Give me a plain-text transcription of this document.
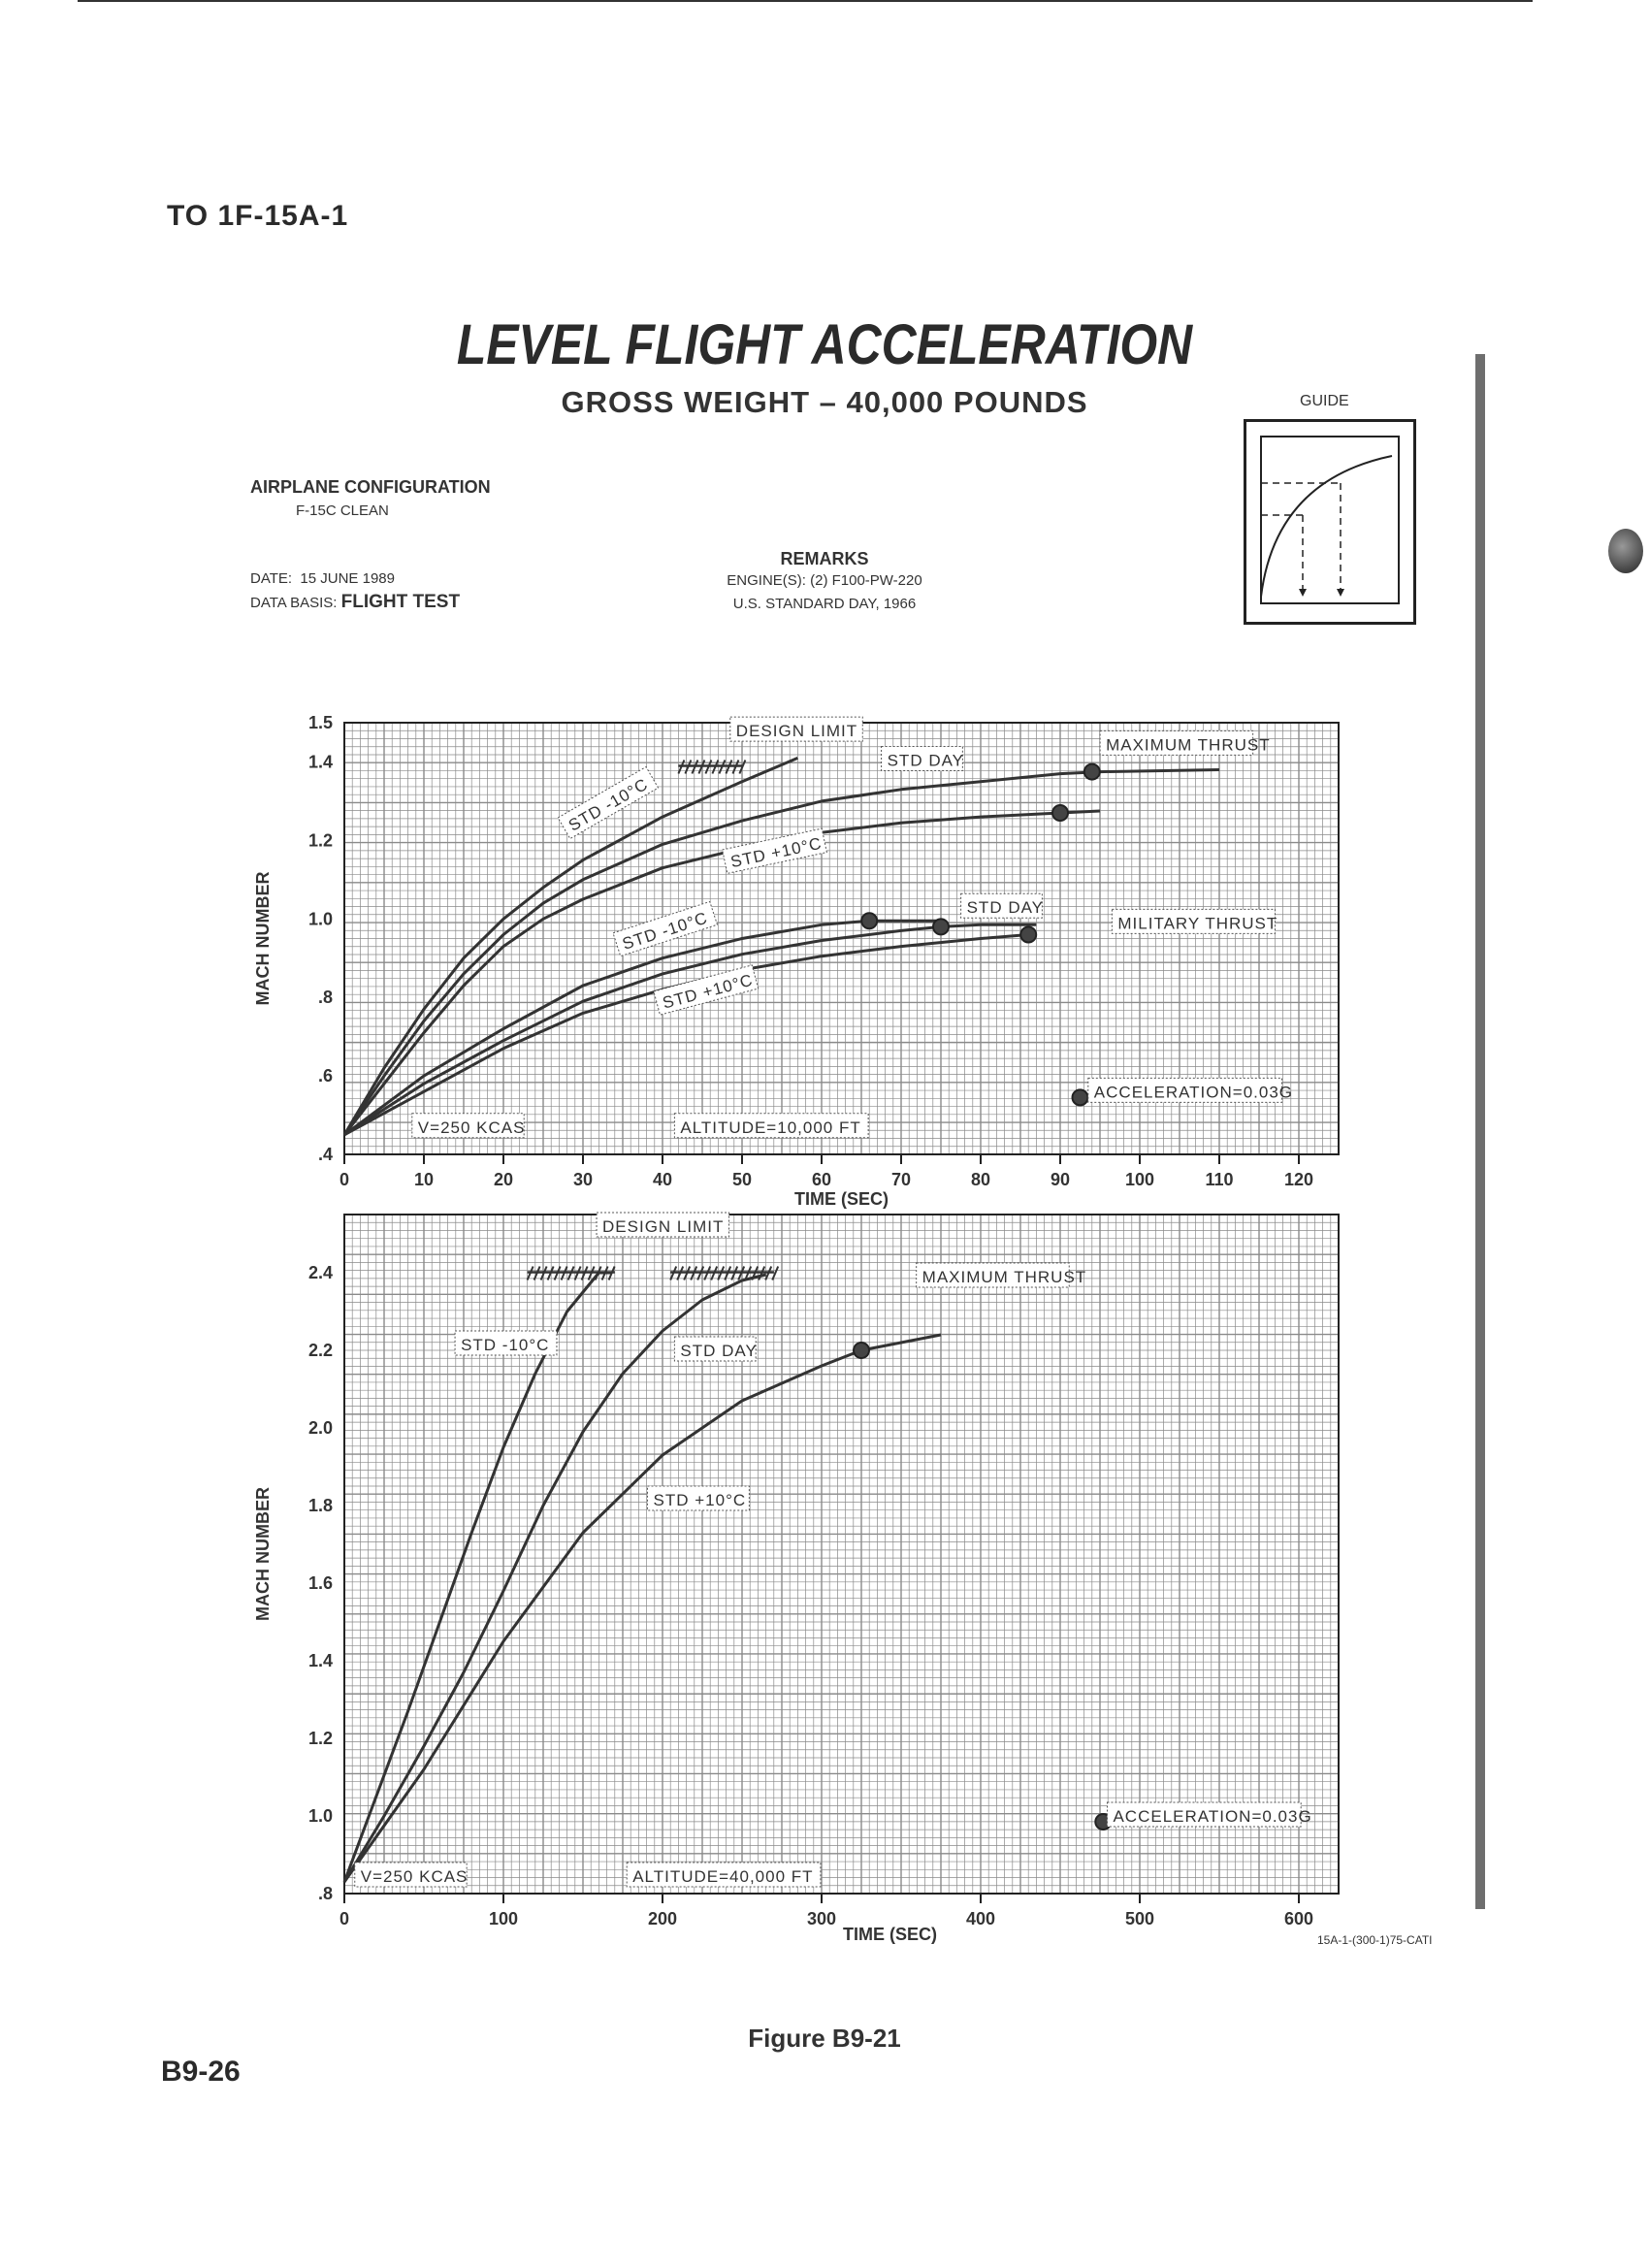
TO 1F-15A-1
LEVEL FLIGHT ACCELERATION
GROSS WEIGHT – 40,000 POUNDS	GUIDE
AIRPLANE CONFIGURATION
F-15C CLEAN
DATE: 15 JUNE 1989
DATA BASIS: FLIGHT TEST
REMARKS
ENGINE(S): (2) F100-PW-220
U.S. STANDARD DAY, 1966
0	10	20	30	40	50	60	70	80	90	100	110	120
.4
.6
.8
1.0
1.2
1.4
1.5
TIME (SEC)
MACH NUMBER
DESIGN LIMIT
STD DAY
MAXIMUM THRUST
STD -10°C
STD +10°C
STD DAY
MILITARY THRUST
STD -10°C
STD +10°C
ACCELERATION=0.03G
V=250 KCAS	ALTITUDE=10,000 FT
0	100	200	300	400	500	600
.8
1.0
1.2
1.4
1.6
1.8
2.0
2.2
2.4
TIME (SEC)
MACH NUMBER
DESIGN LIMIT
MAXIMUM THRUST
STD -10°C	STD DAY
STD +10°C
ACCELERATION=0.03G
V=250 KCAS	ALTITUDE=40,000 FT
15A-1-(300-1)75-CATI
Figure B9-21
B9-26
